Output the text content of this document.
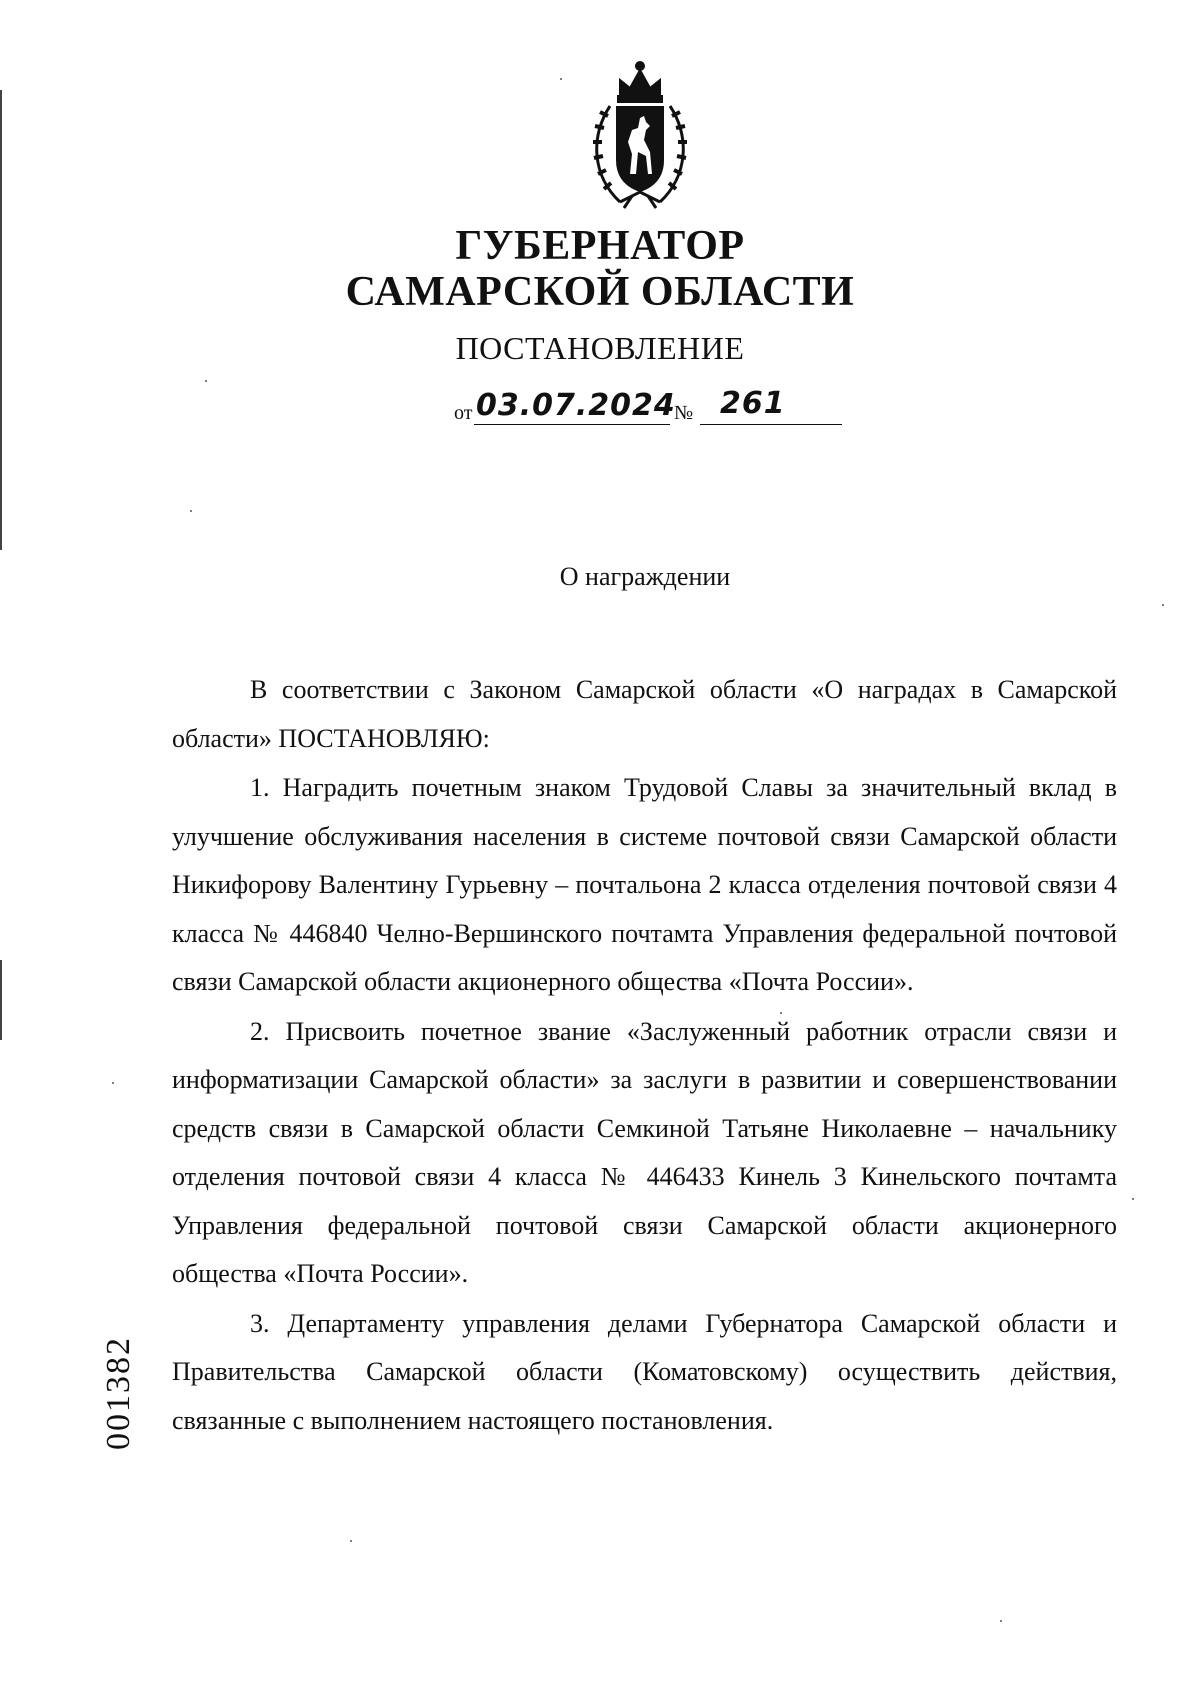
ГУБЕРНАТОР
САМАРСКОЙ ОБЛАСТИ
ПОСТАНОВЛЕНИЕ
от 03.07.2024
№ 261
О награждении

В соответствии с Законом Самарской области «О наградах в Самарской области» ПОСТАНОВЛЯЮ:

1. Наградить почетным знаком Трудовой Славы за значительный вклад в улучшение обслуживания населения в системе почтовой связи Самарской области Никифорову Валентину Гурьевну – почтальона 2 класса отделения почтовой связи 4 класса № 446840 Челно-Вершинского почтамта Управления федеральной почтовой связи Самарской области акционерного общества «Почта России».

2. Присвоить почетное звание «Заслуженный работник отрасли связи и информатизации Самарской области» за заслуги в развитии и совершенствовании средств связи в Самарской области Семкиной Татьяне Николаевне – начальнику отделения почтовой связи 4 класса № 446433 Кинель 3 Кинельского почтамта Управления федеральной почтовой связи Самарской области акционерного общества «Почта России».

3. Департаменту управления делами Губернатора Самарской области и Правительства Самарской области (Коматовскому) осуществить действия, связанные с выполнением настоящего постановления.

001382
